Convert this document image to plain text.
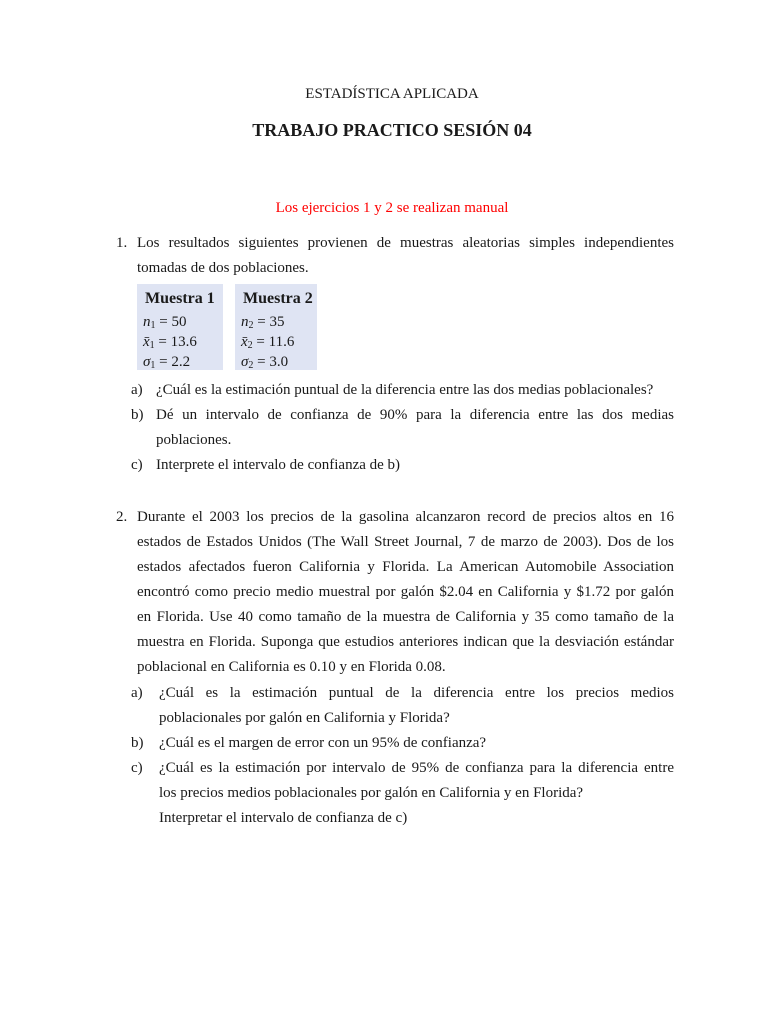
ESTADÍSTICA APLICADA
TRABAJO PRACTICO SESIÓN 04
Los ejercicios 1 y 2 se realizan manual
1. Los resultados siguientes provienen de muestras aleatorias simples independientes
tomadas de dos poblaciones.
Muestra 1
$n_1 = 50$
$x̄_1 = 13.6$
$\sigma_1 = 2.2$
Muestra 2
$n_2 = 35$
$x̄_2 = 11.6$
$\sigma_2 = 3.0$
a) ¿Cuál es la estimación puntual de la diferencia entre las dos medias poblacionales?
b) Dé un intervalo de confianza de 90% para la diferencia entre las dos medias
poblaciones.
c) Interprete el intervalo de confianza de b)
2. Durante el 2003 los precios de la gasolina alcanzaron record de precios altos en 16
estados de Estados Unidos (The Wall Street Journal, 7 de marzo de 2003). Dos de los
estados afectados fueron California y Florida. La American Automobile Association
encontró como precio medio muestral por galón $2.04 en California y $1.72 por galón
en Florida. Use 40 como tamaño de la muestra de California y 35 como tamaño de la
muestra en Florida. Suponga que estudios anteriores indican que la desviación estándar
poblacional en California es 0.10 y en Florida 0.08.
a) ¿Cuál es la estimación puntual de la diferencia entre los precios medios
poblacionales por galón en California y Florida?
b) ¿Cuál es el margen de error con un 95% de confianza?
c) ¿Cuál es la estimación por intervalo de 95% de confianza para la diferencia entre
los precios medios poblacionales por galón en California y en Florida?
Interpretar el intervalo de confianza de c)
